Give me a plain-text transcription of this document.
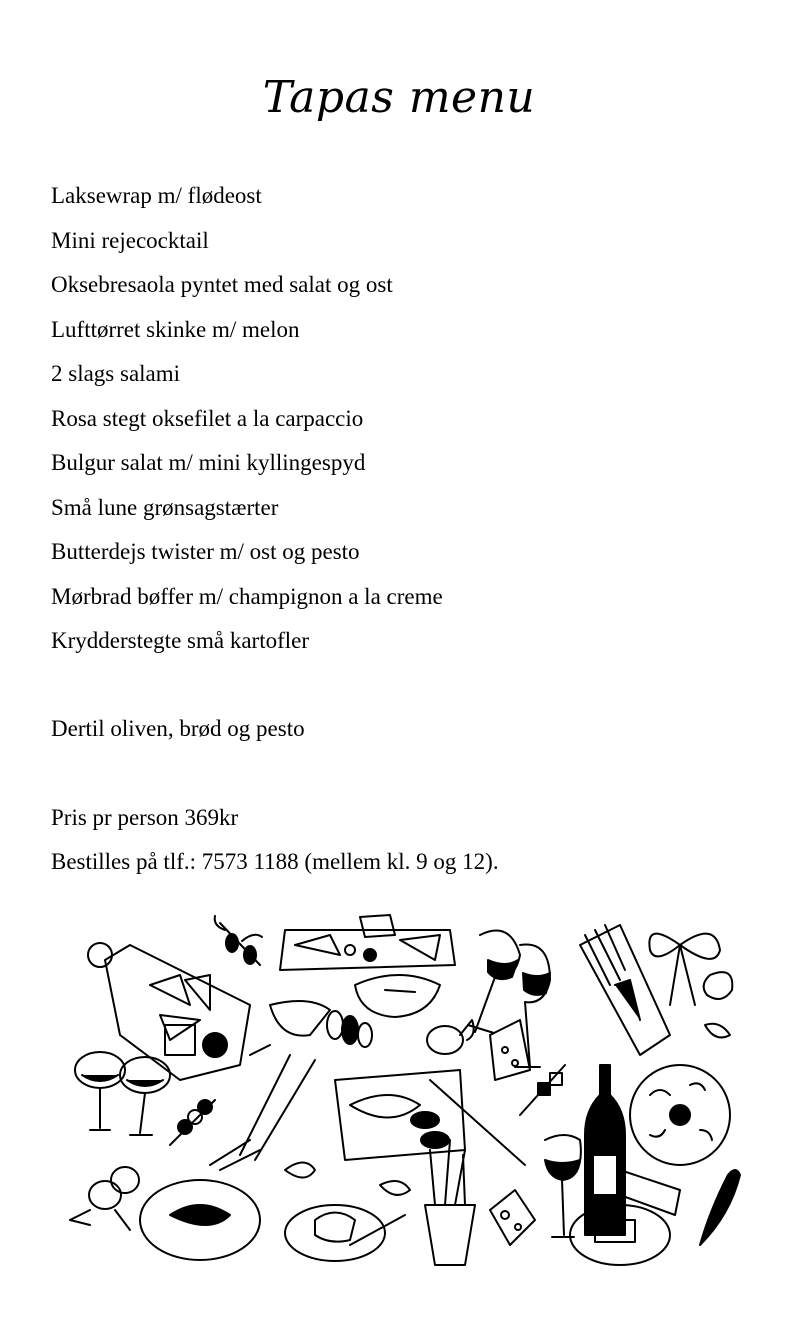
Tapas menu
Laksewrap m/ flødeost
Mini rejecocktail
Oksebresaola pyntet med salat og ost
Lufttørret skinke m/ melon
2 slags salami
Rosa stegt oksefilet a la carpaccio
Bulgur salat m/ mini kyllingespyd
Små lune grønsagstærter
Butterdejs twister m/ ost og pesto
Mørbrad bøffer m/ champignon a la creme
Krydderstegte små kartofler
Dertil oliven, brød og pesto
Pris pr person 369kr
Bestilles på tlf.: 7573 1188 (mellem kl. 9 og 12).
